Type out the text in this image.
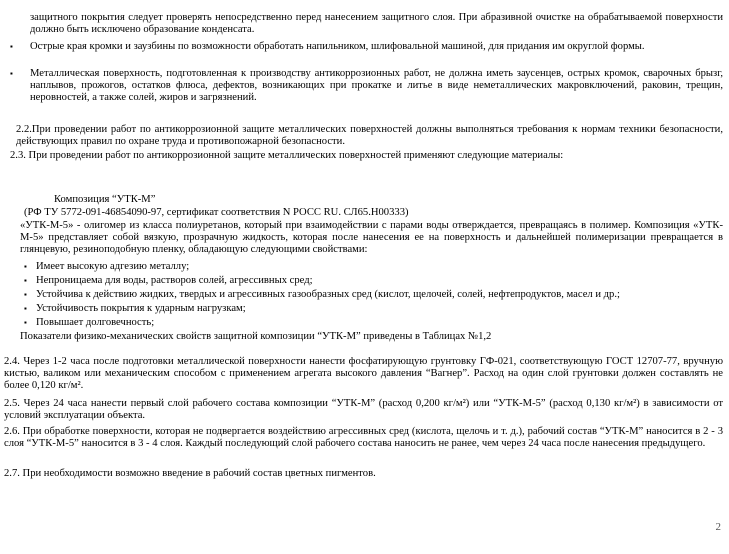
защитного покрытия следует проверять непосредственно перед нанесением защитного слоя. При абразивной очистке на обрабатываемой поверхности должно быть исключено образование конденсата.
▪ Острые края кромки и заузбины по возможности обработать напильником, шлифовальной машиной, для придания им округлой формы.
▪ Металлическая поверхность, подготовленная к производству антикоррозионных работ, не должна иметь заусенцев, острых кромок, сварочных брызг, наплывов, прожогов, остатков флюса, дефектов, возникающих при прокатке и литье в виде неметаллических макровключений, раковин, трещин, неровностей, а также солей, жиров и загрязнений.
2.2.При проведении работ по антикоррозионной защите металлических поверхностей должны выполняться требования к нормам техники безопасности, действующих правил по охране труда и противопожарной безопасности.
2.3. При проведении работ по антикоррозионной защите металлических поверхностей применяют следующие материалы:
Композиция “УТК-М”
(РФ ТУ 5772-091-46854090-97, сертификат соответствия N РОСС RU. СЛ65.Н00333)
«УТК-М-5» - олигомер из класса полиуретанов, который при взаимодействии с парами воды отверждается, превращаясь в полимер. Композиция «УТК-М-5» представляет собой вязкую, прозрачную жидкость, которая после нанесения ее на поверхность и дальнейшей полимеризации превращается в глянцевую, резиноподобную пленку, обладающую следующими свойствами:
▪ Имеет высокую адгезию металлу;
▪ Непроницаема для воды, растворов солей, агрессивных сред;
▪ Устойчива к действию жидких, твердых и агрессивных газообразных сред (кислот, щелочей, солей, нефтепродуктов, масел и др.;
▪ Устойчивость покрытия к ударным нагрузкам;
▪ Повышает долговечность;
Показатели физико-механических свойств защитной композиции “УТК-М” приведены в Таблицах №1,2
2.4. Через 1-2 часа после подготовки металлической поверхности нанести фосфатирующую грунтовку ГФ-021, соответствующую ГОСТ 12707-77, вручную кистью, валиком или механическим способом с применением агрегата высокого давления “Вагнер”. Расход на один слой грунтовки должен составлять не более 0,120 кг/м².
2.5. Через 24 часа нанести первый слой рабочего состава композиции “УТК-М” (расход 0,200 кг/м²) или “УТК-М-5” (расход 0,130 кг/м²) в зависимости от условий эксплуатации объекта.
2.6. При обработке поверхности, которая не подвергается воздействию агрессивных сред (кислота, щелочь и т. д.), рабочий состав “УТК-М” наносится в 2 - 3 слоя “УТК-М-5” наносится в 3 - 4 слоя. Каждый последующий слой рабочего состава наносить не ранее, чем через 24 часа после нанесения предыдущего.
2.7. При необходимости возможно введение в рабочий состав цветных пигментов.
2
